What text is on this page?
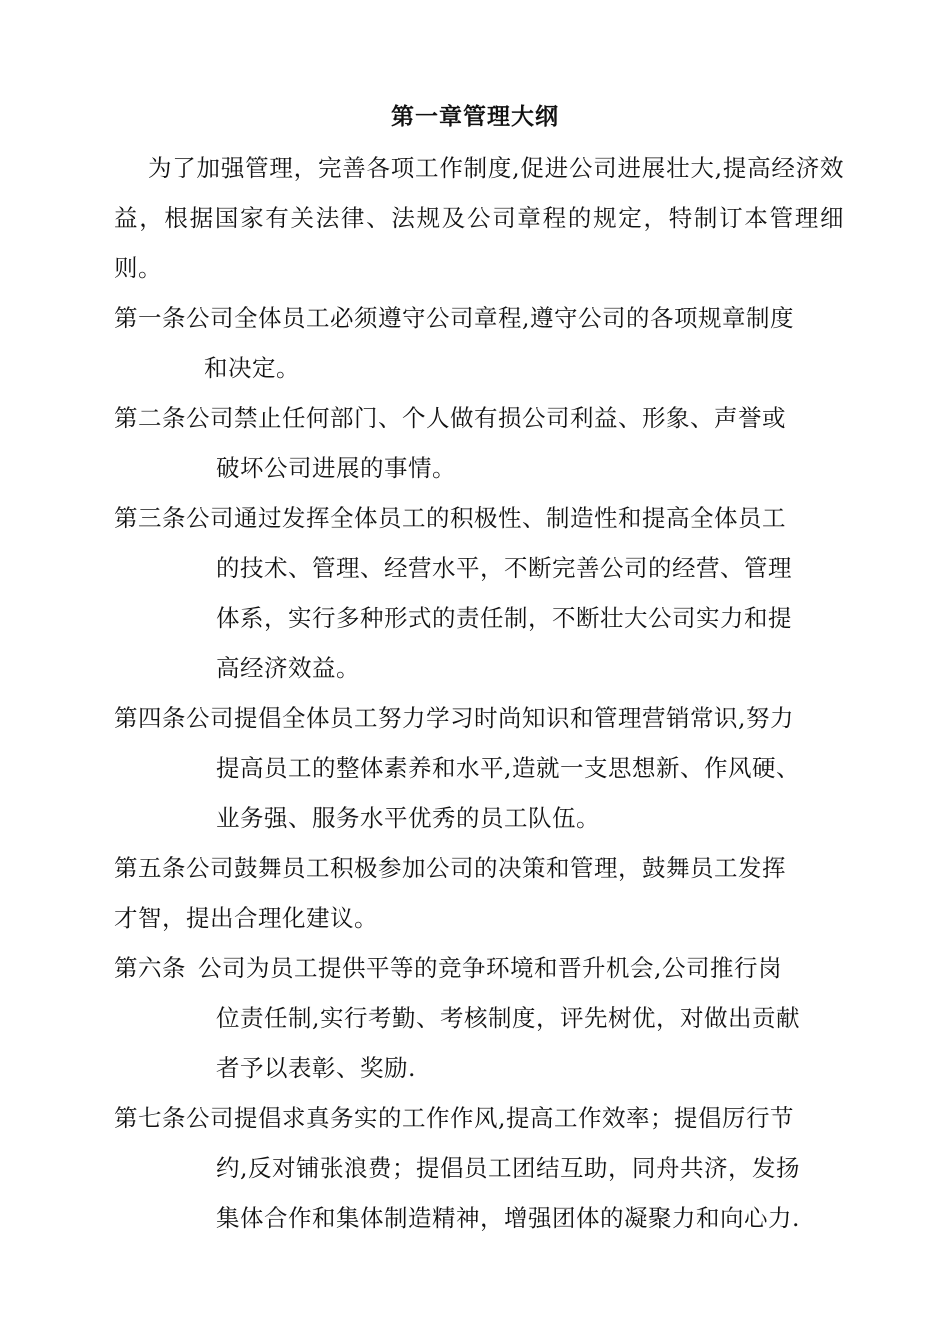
第一章管理大纲
为了加强管理，完善各项工作制度,促进公司进展壮大,提高经济效益，根据国家有关法律、法规及公司章程的规定，特制订本管理细则。
第一条公司全体员工必须遵守公司章程,遵守公司的各项规章制度
和决定。
第二条公司禁止任何部门、个人做有损公司利益、形象、声誉或
破坏公司进展的事情。
第三条公司通过发挥全体员工的积极性、制造性和提高全体员工
的技术、管理、经营水平，不断完善公司的经营、管理
体系，实行多种形式的责任制，不断壮大公司实力和提
高经济效益。
第四条公司提倡全体员工努力学习时尚知识和管理营销常识,努力
提高员工的整体素养和水平,造就一支思想新、作风硬、
业务强、服务水平优秀的员工队伍。
第五条公司鼓舞员工积极参加公司的决策和管理，鼓舞员工发挥
才智，提出合理化建议。
第六条 公司为员工提供平等的竞争环境和晋升机会,公司推行岗
位责任制,实行考勤、考核制度，评先树优，对做出贡献
者予以表彰、奖励.
第七条公司提倡求真务实的工作作风,提高工作效率；提倡厉行节
约,反对铺张浪费；提倡员工团结互助，同舟共济，发扬
集体合作和集体制造精神，增强团体的凝聚力和向心力.
